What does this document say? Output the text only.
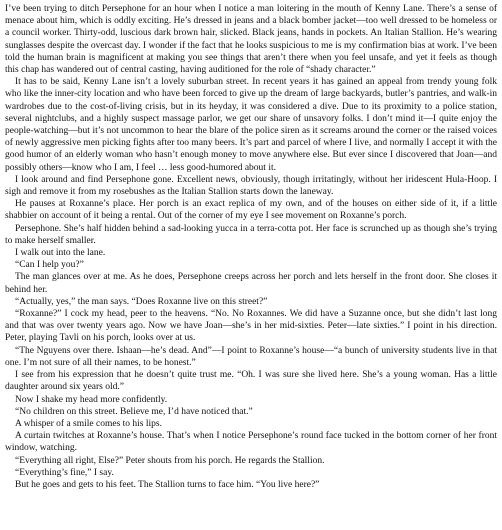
I’ve been trying to ditch Persephone for an hour when I notice a man loitering in the mouth of Kenny Lane. There’s a sense of menace about him, which is oddly exciting. He’s dressed in jeans and a black bomber jacket—too well dressed to be homeless or a council worker. Thirty-odd, luscious dark brown hair, slicked. Black jeans, hands in pockets. An Italian Stallion. He’s wearing sunglasses despite the overcast day. I wonder if the fact that he looks suspicious to me is my confirmation bias at work. I’ve been told the human brain is magnificent at making you see things that aren’t there when you feel unsafe, and yet it feels as though this chap has wandered out of central casting, having auditioned for the role of “shady character.”

It has to be said, Kenny Lane isn’t a lovely suburban street. In recent years it has gained an appeal from trendy young folk who like the inner-city location and who have been forced to give up the dream of large backyards, butler’s pantries, and walk-in wardrobes due to the cost-of-living crisis, but in its heyday, it was considered a dive. Due to its proximity to a police station, several nightclubs, and a highly suspect massage parlor, we get our share of unsavory folks. I don’t mind it—I quite enjoy the people-watching—but it’s not uncommon to hear the blare of the police siren as it screams around the corner or the raised voices of newly aggressive men picking fights after too many beers. It’s part and parcel of where I live, and normally I accept it with the good humor of an elderly woman who hasn’t enough money to move anywhere else. But ever since I discovered that Joan—and possibly others—know who I am, I feel … less good-humored about it.

I look around and find Persephone gone. Excellent news, obviously, though irritatingly, without her iridescent Hula-Hoop. I sigh and remove it from my rosebushes as the Italian Stallion starts down the laneway.

He pauses at Roxanne’s place. Her porch is an exact replica of my own, and of the houses on either side of it, if a little shabbier on account of it being a rental. Out of the corner of my eye I see movement on Roxanne’s porch.

Persephone. She’s half hidden behind a sad-looking yucca in a terra-cotta pot. Her face is scrunched up as though she’s trying to make herself smaller.

I walk out into the lane.

“Can I help you?”

The man glances over at me. As he does, Persephone creeps across her porch and lets herself in the front door. She closes it behind her.

“Actually, yes,” the man says. “Does Roxanne live on this street?”

“Roxanne?” I cock my head, peer to the heavens. “No. No Roxannes. We did have a Suzanne once, but she didn’t last long and that was over twenty years ago. Now we have Joan—she’s in her mid-sixties. Peter—late sixties.” I point in his direction. Peter, playing Tavli on his porch, looks over at us.

“The Nguyens over there. Ishaan—he’s dead. And”—I point to Roxanne’s house—“a bunch of university students live in that one. I’m not sure of all their names, to be honest.”

I see from his expression that he doesn’t quite trust me. “Oh. I was sure she lived here. She’s a young woman. Has a little daughter around six years old.”

Now I shake my head more confidently.

“No children on this street. Believe me, I’d have noticed that.”

A whisper of a smile comes to his lips.

A curtain twitches at Roxanne’s house. That’s when I notice Persephone’s round face tucked in the bottom corner of her front window, watching.

“Everything all right, Else?” Peter shouts from his porch. He regards the Stallion.

“Everything’s fine,” I say.

But he goes and gets to his feet. The Stallion turns to face him. “You live here?”
